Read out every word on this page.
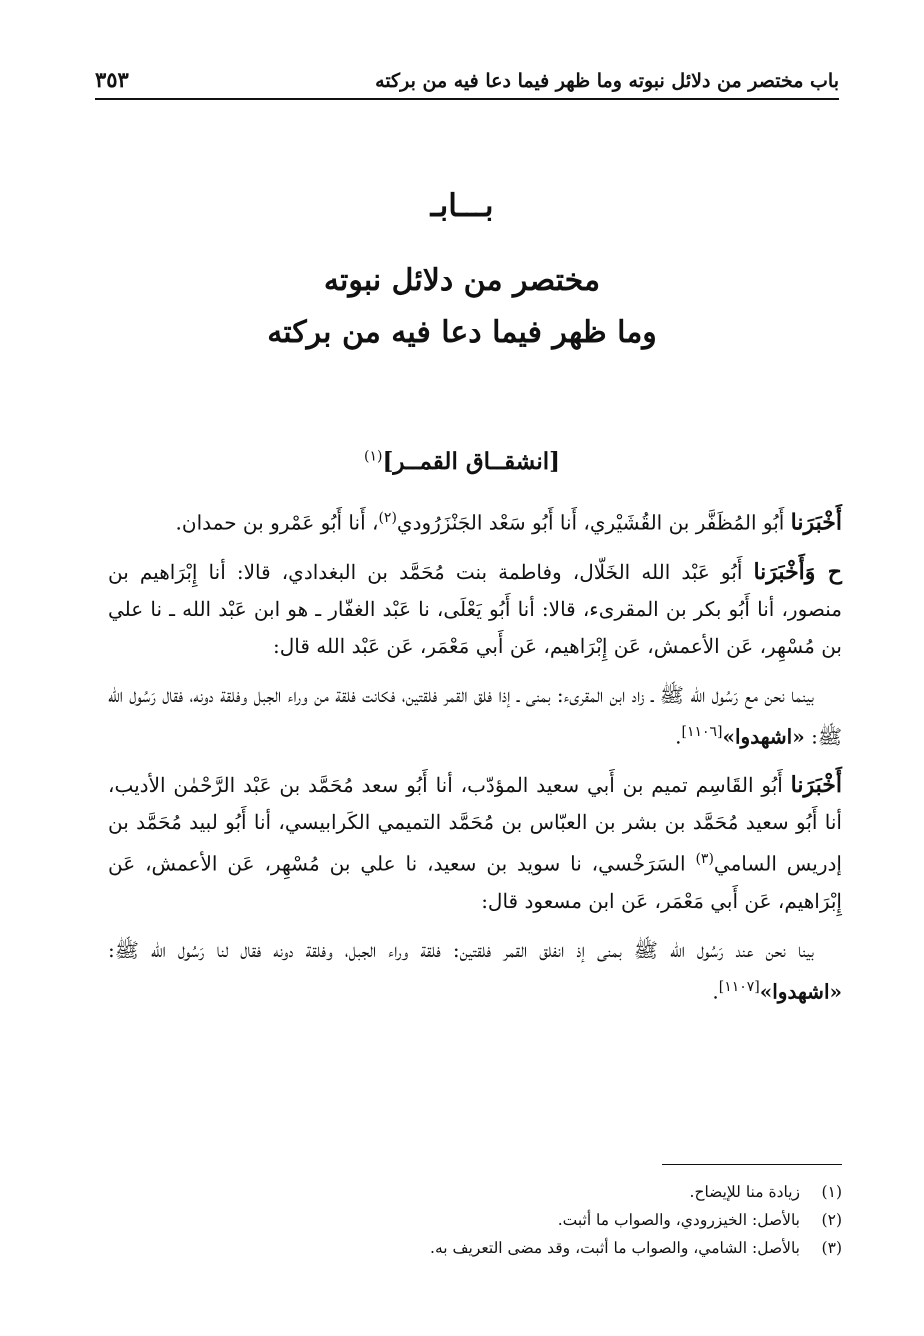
باب مختصر من دلائل نبوته وما ظهر فيما دعا فيه من بركته
٣٥٣
بـــابـ
مختصر من دلائل نبوته
وما ظهر فيما دعا فيه من بركته
[انشقــاق القمــر]$^{(١)}$

أَخْبَرَنا أَبُو المُظَفَّر بن القُشَيْري، أَنا أَبُو سَعْد الجَنْزَرُودي$^{(٢)}$، أَنا أَبُو عَمْرو بن حمدان.

ح وَأَخْبَرَنا أَبُو عَبْد الله الخَلّال، وفاطمة بنت مُحَمَّد بن البغدادي، قالا: أنا إِبْرَاهيم بن منصور، أنا أَبُو بكر بن المقرىء، قالا: أنا أَبُو يَعْلَى، نا عَبْد الغفّار ـ هو ابن عَبْد الله ـ نا علي بن مُسْهِر، عَن الأعمش، عَن إِبْرَاهيم، عَن أَبي مَعْمَر، عَن عَبْد الله قال:

بينما نحن مع رَسُول الله ﷺ ـ زاد ابن المقرىء: بمنى ـ إذا فلق القمر فلقتين، فكانت فلقة من وراء الجبل وفلقة دونه، فقال رَسُول الله ﷺ: «اشهدوا»[١١٠٦].

أَخْبَرَنا أَبُو القَاسِم تميم بن أَبي سعيد المؤدّب، أنا أَبُو سعد مُحَمَّد بن عَبْد الرَّحْمٰن الأديب، أنا أَبُو سعيد مُحَمَّد بن بشر بن العبّاس بن مُحَمَّد التميمي الكَرابيسي، أنا أَبُو لبيد مُحَمَّد بن إدريس السامي$^{(٣)}$ السَرَخْسي، نا سويد بن سعيد، نا علي بن مُسْهِر، عَن الأعمش، عَن إِبْرَاهيم، عَن أَبي مَعْمَر، عَن ابن مسعود قال:

بينا نحن عند رَسُول الله ﷺ بمنى إذ انفلق القمر فلقتين: فلقة وراء الجبل، وفلقة دونه فقال لنا رَسُول الله ﷺ: «اشهدوا»[١١٠٧].

(١)
زيادة منا للإيضاح.
(٢)
بالأصل: الخيزرودي، والصواب ما أثبت.
(٣)
بالأصل: الشامي، والصواب ما أثبت، وقد مضى التعريف به.
